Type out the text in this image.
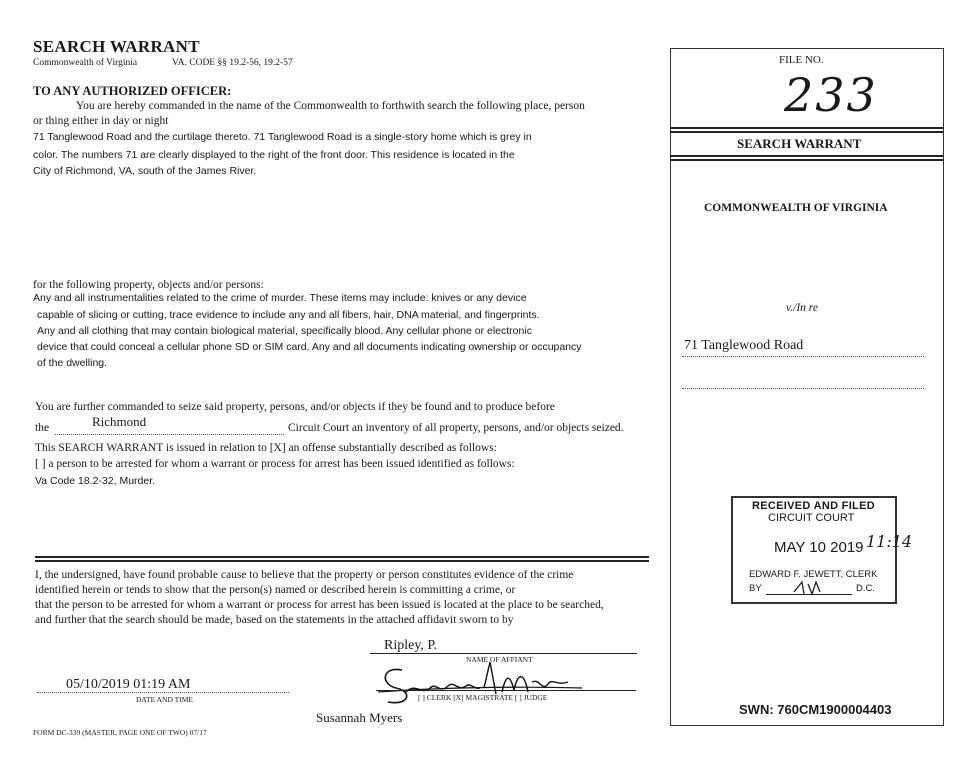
SEARCH WARRANT
Commonwealth of Virginia	VA. CODE §§ 19.2-56, 19.2-57
TO ANY AUTHORIZED OFFICER:
You are hereby commanded in the name of the Commonwealth to forthwith search the following place, person
or thing either in day or night
71 Tanglewood Road and the curtilage thereto. 71 Tanglewood Road is a single-story home which is grey in
color. The numbers 71 are clearly displayed to the right of the front door. This residence is located in the
City of Richmond, VA, south of the James River.
for the following property, objects and/or persons:
Any and all instrumentalities related to the crime of murder. These items may include: knives or any device
capable of slicing or cutting, trace evidence to include any and all fibers, hair, DNA material, and fingerprints.
Any and all clothing that may contain biological material, specifically blood. Any cellular phone or electronic
device that could conceal a cellular phone SD or SIM card. Any and all documents indicating ownership or occupancy
of the dwelling.
You are further commanded to seize said property, persons, and/or objects if they be found and to produce before
the	Richmond	Circuit Court an inventory of all property, persons, and/or objects seized.
This SEARCH WARRANT is issued in relation to [X] an offense substantially described as follows:
[ ] a person to be arrested for whom a warrant or process for arrest has been issued identified as follows:
Va Code 18.2-32, Murder.
I, the undersigned, have found probable cause to believe that the property or person constitutes evidence of the crime
identified herein or tends to show that the person(s) named or described herein is committing a crime, or
that the person to be arrested for whom a warrant or process for arrest has been issued is located at the place to be searched,
and further that the search should be made, based on the statements in the attached affidavit sworn to by
Ripley, P.
NAME OF AFFIANT
05/10/2019 01:19 AM
DATE AND TIME	[ ] CLERK [X] MAGISTRATE [ ] JUDGE
Susannah Myers
FORM DC-339 (MASTER, PAGE ONE OF TWO) 07/17
FILE NO.
233
SEARCH WARRANT
COMMONWEALTH OF VIRGINIA
v./In re
71 Tanglewood Road
RECEIVED AND FILED
CIRCUIT COURT
MAY 10 2019 11:14
EDWARD F. JEWETT, CLERK
BY	D.C.
SWN: 760CM1900004403
